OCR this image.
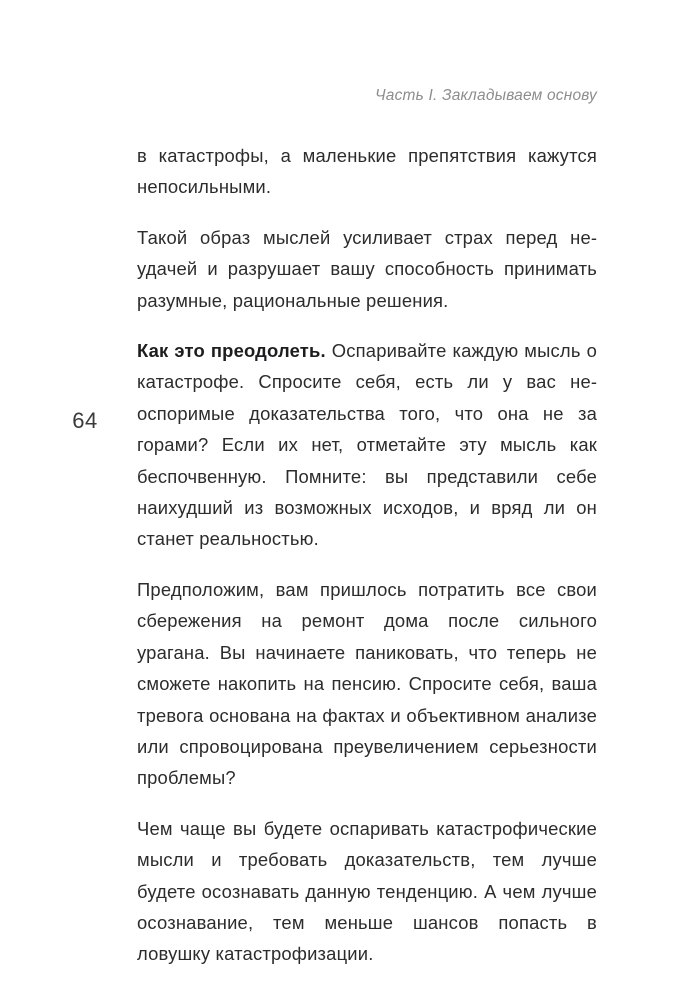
Часть I. Закладываем основу
64

в катастрофы, а маленькие препятствия кажутся непосильными.

Такой образ мыслей усиливает страх перед неудачей и разрушает вашу способность принимать разумные, рациональные решения.

Как это преодолеть. Оспаривайте каждую мысль о катастрофе. Спросите себя, есть ли у вас неоспоримые доказательства того, что она не за горами? Если их нет, отметайте эту мысль как беспочвенную. Помните: вы представили себе наихудший из возможных исходов, и вряд ли он станет реальностью.

Предположим, вам пришлось потратить все свои сбережения на ремонт дома после сильного урагана. Вы начинаете паниковать, что теперь не сможете накопить на пенсию. Спросите себя, ваша тревога основана на фактах и объективном анализе или спровоцирована преувеличением серьезности проблемы?

Чем чаще вы будете оспаривать катастрофические мысли и требовать доказательств, тем лучше будете осознавать данную тенденцию. А чем лучше осознавание, тем меньше шансов попасть в ловушку катастрофизации.
